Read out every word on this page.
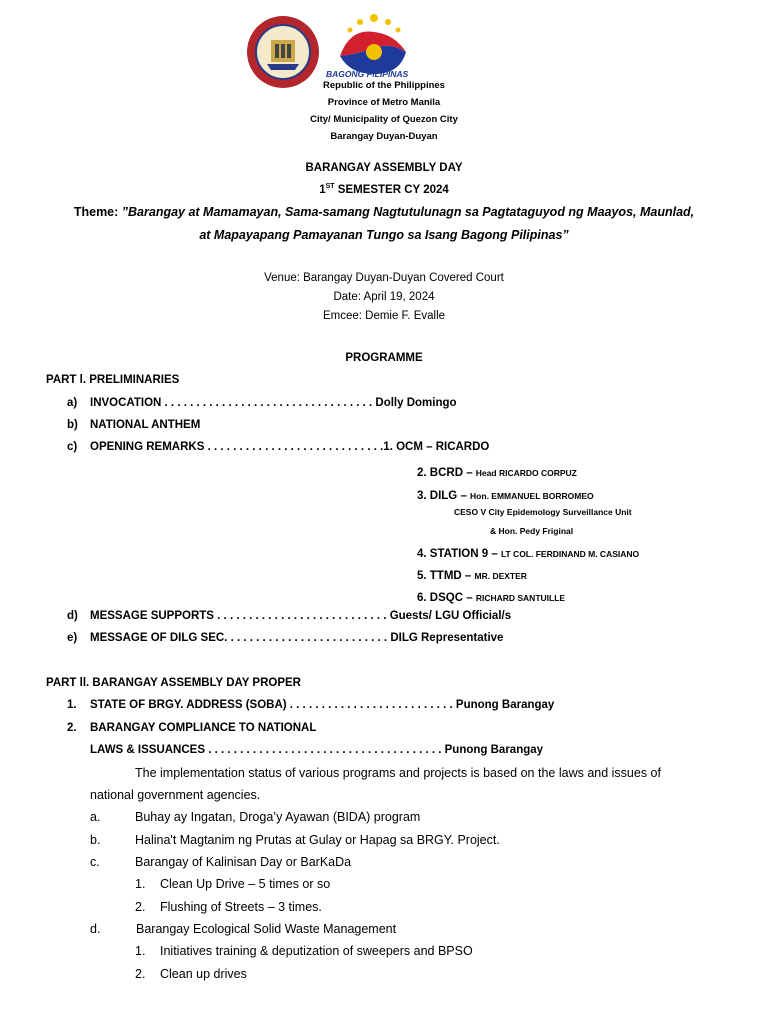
BAGONG PILIPINAS
Republic of the Philippines
Province of Metro Manila
City/ Municipality of Quezon City
Barangay Duyan-Duyan
BARANGAY ASSEMBLY DAY
1ST SEMESTER CY 2024
Theme: ”Barangay at Mamamayan, Sama-samang Nagtutulunagn sa Pagtataguyod ng Maayos, Maunlad,
at Mapayapang Pamayanan Tungo sa Isang Bagong Pilipinas”
Venue: Barangay Duyan-Duyan Covered Court
Date: April 19, 2024
Emcee: Demie F. Evalle
PROGRAMME
PART l. PRELIMINARIES
a) INVOCATION . . . . . . . . . . . . . . . . . . . . . . . . . . . . . . . . . Dolly Domingo
b) NATIONAL ANTHEM
c) OPENING REMARKS . . . . . . . . . . . . . . . . . . . . . . . . . . . .1. OCM – RICARDO
2. BCRD – Head RICARDO CORPUZ
3. DILG – Hon. EMMANUEL BORROMEO
CESO V City Epidemology Surveillance Unit
& Hon. Pedy Friginal
4. STATION 9 – LT COL. FERDINAND M. CASIANO
5. TTMD – MR. DEXTER
6. DSQC – RICHARD SANTUILLE
d) MESSAGE SUPPORTS . . . . . . . . . . . . . . . . . . . . . . . . . . . Guests/ LGU Official/s
e) MESSAGE OF DILG SEC. . . . . . . . . . . . . . . . . . . . . . . . . . DILG Representative
PART ll. BARANGAY ASSEMBLY DAY PROPER
1. STATE OF BRGY. ADDRESS (SOBA) . . . . . . . . . . . . . . . . . . . . . . . . . . Punong Barangay
2. BARANGAY COMPLIANCE TO NATIONAL
LAWS & ISSUANCES . . . . . . . . . . . . . . . . . . . . . . . . . . . . . . . . . . . . . Punong Barangay
The implementation status of various programs and projects is based on the laws and issues of
national government agencies.
a.	Buhay ay Ingatan, Droga’y Ayawan (BIDA) program
b.	Halina't Magtanim ng Prutas at Gulay or Hapag sa BRGY. Project.
c.	Barangay of Kalinisan Day or BarKaDa
1. Clean Up Drive – 5 times or so
2. Flushing of Streets – 3 times.
d.	Barangay Ecological Solid Waste Management
1. Initiatives training & deputization of sweepers and BPSO
2. Clean up drives
